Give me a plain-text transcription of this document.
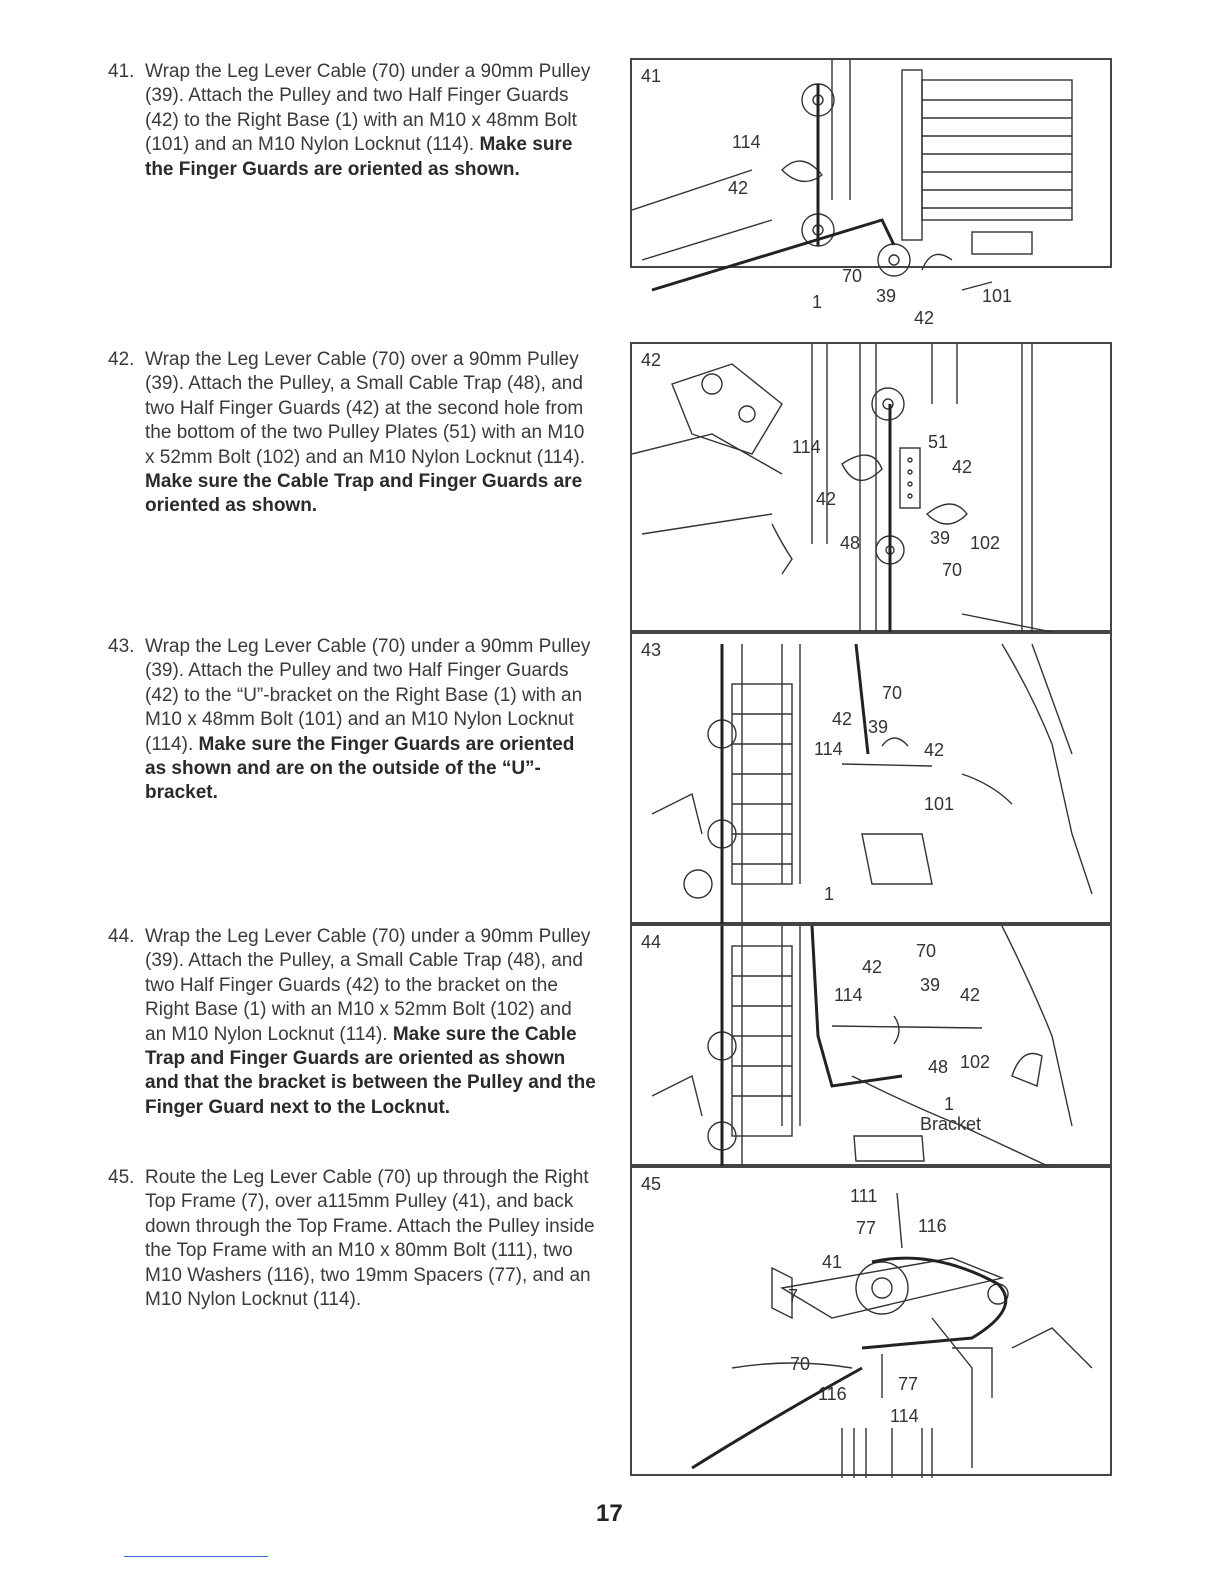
41. Wrap the Leg Lever Cable (70) under a 90mm Pulley (39). Attach the Pulley and two Half Finger Guards (42) to the Right Base (1) with an M10 x 48mm Bolt (101) and an M10 Nylon Locknut (114). Make sure the Finger Guards are oriented as shown.
42. Wrap the Leg Lever Cable (70) over a 90mm Pulley (39). Attach the Pulley, a Small Cable Trap (48), and two Half Finger Guards (42) at the second hole from the bottom of the two Pulley Plates (51) with an M10 x 52mm Bolt (102) and an M10 Nylon Locknut (114). Make sure the Cable Trap and Finger Guards are oriented as shown.
43. Wrap the Leg Lever Cable (70) under a 90mm Pulley (39). Attach the Pulley and two Half Finger Guards (42) to the “U”-bracket on the Right Base (1) with an M10 x 48mm Bolt (101) and an M10 Nylon Locknut (114). Make sure the Finger Guards are oriented as shown and are on the outside of the “U”-bracket.
44. Wrap the Leg Lever Cable (70) under a 90mm Pulley (39). Attach the Pulley, a Small Cable Trap (48), and two Half Finger Guards (42) to the bracket on the Right Base (1) with an M10 x 52mm Bolt (102) and an M10 Nylon Locknut (114). Make sure the Cable Trap and Finger Guards are oriented as shown and that the bracket is between the Pulley and the Finger Guard next to the Locknut.
45. Route the Leg Lever Cable (70) up through the Right Top Frame (7), over a115mm Pulley (41), and back down through the Top Frame. Attach the Pulley inside the Top Frame with an M10 x 80mm Bolt (111), two M10 Washers (116), two 19mm Spacers (77), and an M10 Nylon Locknut (114).
41
114
42
70
1	39	101
42
42
114	51
42
42
48	39 102
70
43
70
42 39
114	42
101
1
44	70
42
39
114	42
48 102
1
Bracket
45
111
77 116
41
7
70
116	77
114
17
